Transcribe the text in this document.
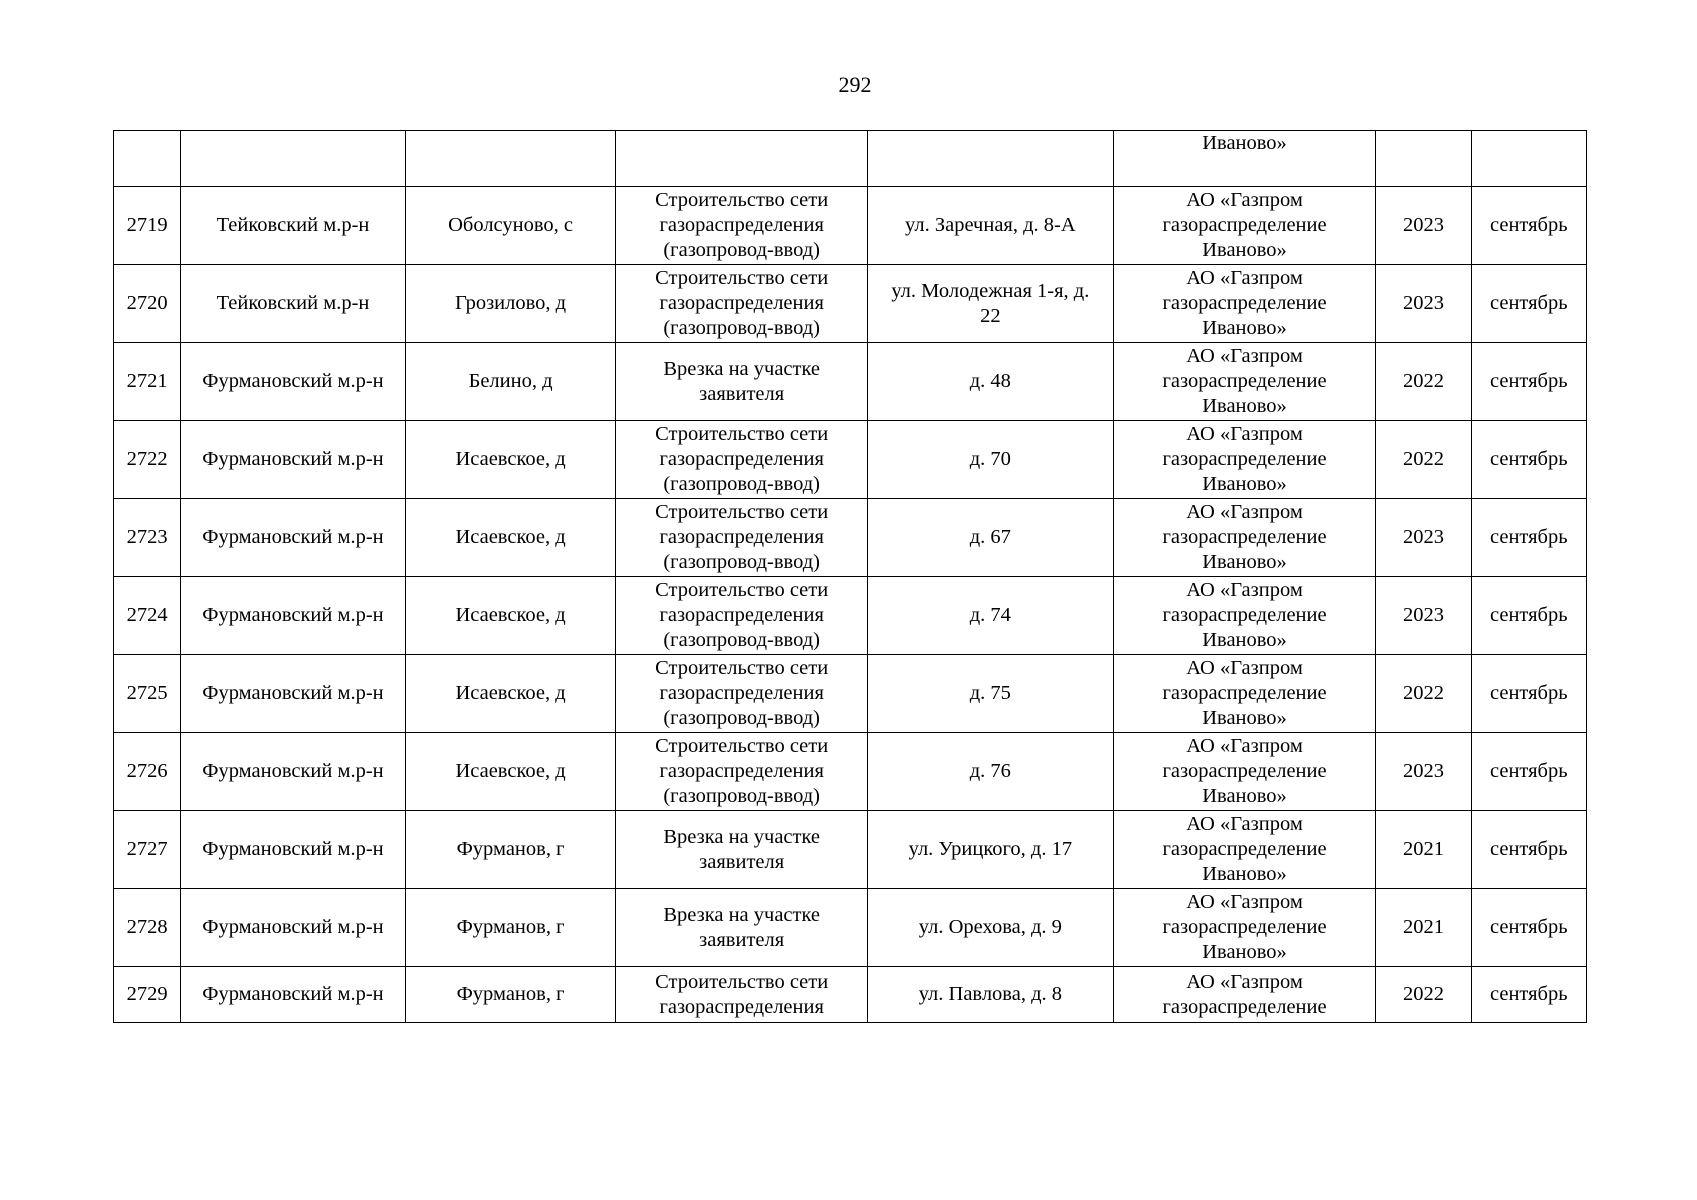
292

					Иваново»		

2719	Тейковский м.р-н	Оболсуново, с	Строительство сети
газораспределения
(газопровод-ввод)	ул. Заречная, д. 8-А	АО «Газпром
газораспределение
Иваново»	2023	сентябрь

2720	Тейковский м.р-н	Грозилово, д	Строительство сети
газораспределения
(газопровод-ввод)	ул. Молодежная 1-я, д.
22	АО «Газпром
газораспределение
Иваново»	2023	сентябрь

2721	Фурмановский м.р-н	Белино, д	Врезка на участке
заявителя	д. 48	АО «Газпром
газораспределение
Иваново»	2022	сентябрь

2722	Фурмановский м.р-н	Исаевское, д	Строительство сети
газораспределения
(газопровод-ввод)	д. 70	АО «Газпром
газораспределение
Иваново»	2022	сентябрь

2723	Фурмановский м.р-н	Исаевское, д	Строительство сети
газораспределения
(газопровод-ввод)	д. 67	АО «Газпром
газораспределение
Иваново»	2023	сентябрь

2724	Фурмановский м.р-н	Исаевское, д	Строительство сети
газораспределения
(газопровод-ввод)	д. 74	АО «Газпром
газораспределение
Иваново»	2023	сентябрь

2725	Фурмановский м.р-н	Исаевское, д	Строительство сети
газораспределения
(газопровод-ввод)	д. 75	АО «Газпром
газораспределение
Иваново»	2022	сентябрь

2726	Фурмановский м.р-н	Исаевское, д	Строительство сети
газораспределения
(газопровод-ввод)	д. 76	АО «Газпром
газораспределение
Иваново»	2023	сентябрь

2727	Фурмановский м.р-н	Фурманов, г	Врезка на участке
заявителя	ул. Урицкого, д. 17	АО «Газпром
газораспределение
Иваново»	2021	сентябрь

2728	Фурмановский м.р-н	Фурманов, г	Врезка на участке
заявителя	ул. Орехова, д. 9	АО «Газпром
газораспределение
Иваново»	2021	сентябрь

2729	Фурмановский м.р-н	Фурманов, г	Строительство сети
газораспределения	ул. Павлова, д. 8	АО «Газпром
газораспределение	2022	сентябрь
